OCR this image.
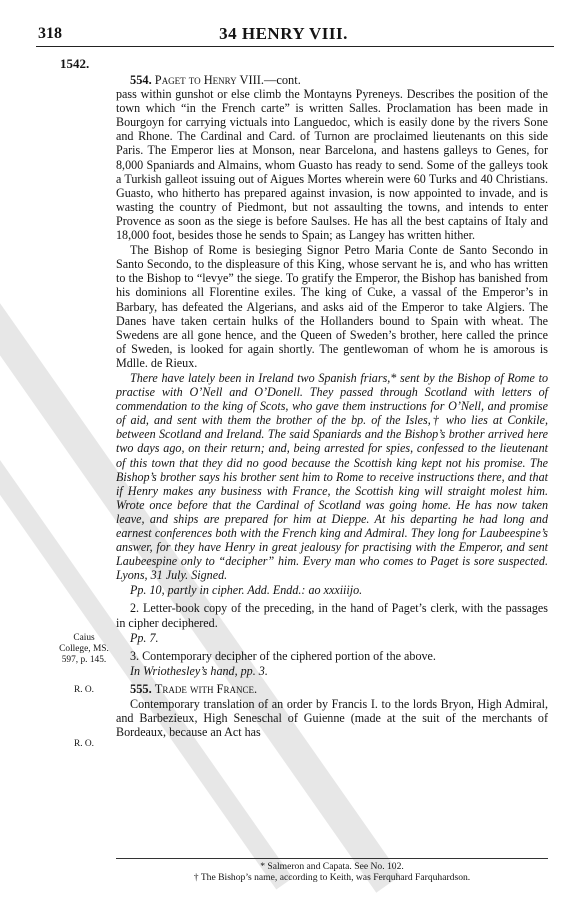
318	34 HENRY VIII.
1542.
Caius College, MS. 597, p. 145.
R. O.
R. O.

554. Paget to Henry VIII.—cont.

pass within gunshot or else climb the Montayns Pyreneys. Describes the position of the town which “in the French carte” is written Salles. Proclamation has been made in Bourgoyn for carrying victuals into Languedoc, which is easily done by the rivers Sone and Rhone. The Cardinal and Card. of Turnon are proclaimed lieutenants on this side Paris. The Emperor lies at Monson, near Barcelona, and hastens galleys to Genes, for 8,000 Spaniards and Almains, whom Guasto has ready to send. Some of the galleys took a Turkish galleot issuing out of Aigues Mortes wherein were 60 Turks and 40 Christians. Guasto, who hitherto has prepared against invasion, is now appointed to invade, and is wasting the country of Piedmont, but not assaulting the towns, and intends to enter Provence as soon as the siege is before Saulses. He has all the best captains of Italy and 18,000 foot, besides those he sends to Spain; as Langey has written hither.

The Bishop of Rome is besieging Signor Petro Maria Conte de Santo Secondo in Santo Secondo, to the displeasure of this King, whose servant he is, and who has written to the Bishop to “levye” the siege. To gratify the Emperor, the Bishop has banished from his dominions all Florentine exiles. The king of Cuke, a vassal of the Emperor’s in Barbary, has defeated the Algerians, and asks aid of the Emperor to take Algiers. The Danes have taken certain hulks of the Hollanders bound to Spain with wheat. The Swedens are all gone hence, and the Queen of Sweden’s brother, here called the prince of Sweden, is looked for again shortly. The gentlewoman of whom he is amorous is Mdlle. de Rieux.

There have lately been in Ireland two Spanish friars,* sent by the Bishop of Rome to practise with O’Nell and O’Donell. They passed through Scotland with letters of commendation to the king of Scots, who gave them instructions for O’Nell, and promise of aid, and sent with them the brother of the bp. of the Isles,† who lies at Conkile, between Scotland and Ireland. The said Spaniards and the Bishop’s brother arrived here two days ago, on their return; and, being arrested for spies, confessed to the lieutenant of this town that they did no good because the Scottish king kept not his promise. The Bishop’s brother says his brother sent him to Rome to receive instructions there, and that if Henry makes any business with France, the Scottish king will straight molest him. Wrote once before that the Cardinal of Scotland was going home. He has now taken leave, and ships are prepared for him at Dieppe. At his departing he had long and earnest conferences both with the French king and Admiral. They long for Laubeespine’s answer, for they have Henry in great jealousy for practising with the Emperor, and sent Laubeespine only to “decipher” him. Every man who comes to Paget is sore suspected. Lyons, 31 July. Signed.

Pp. 10, partly in cipher. Add. Endd.: ao xxxiiijo.

2. Letter-book copy of the preceding, in the hand of Paget’s clerk, with the passages in cipher deciphered.

Pp. 7.

3. Contemporary decipher of the ciphered portion of the above.

In Wriothesley’s hand, pp. 3.

555. Trade with France.

Contemporary translation of an order by Francis I. to the lords Bryon, High Admiral, and Barbezieux, High Seneschal of Guienne (made at the suit of the merchants of Bordeaux, because an Act has

* Salmeron and Capata. See No. 102.

† The Bishop’s name, according to Keith, was Ferquhard Farquhardson.
